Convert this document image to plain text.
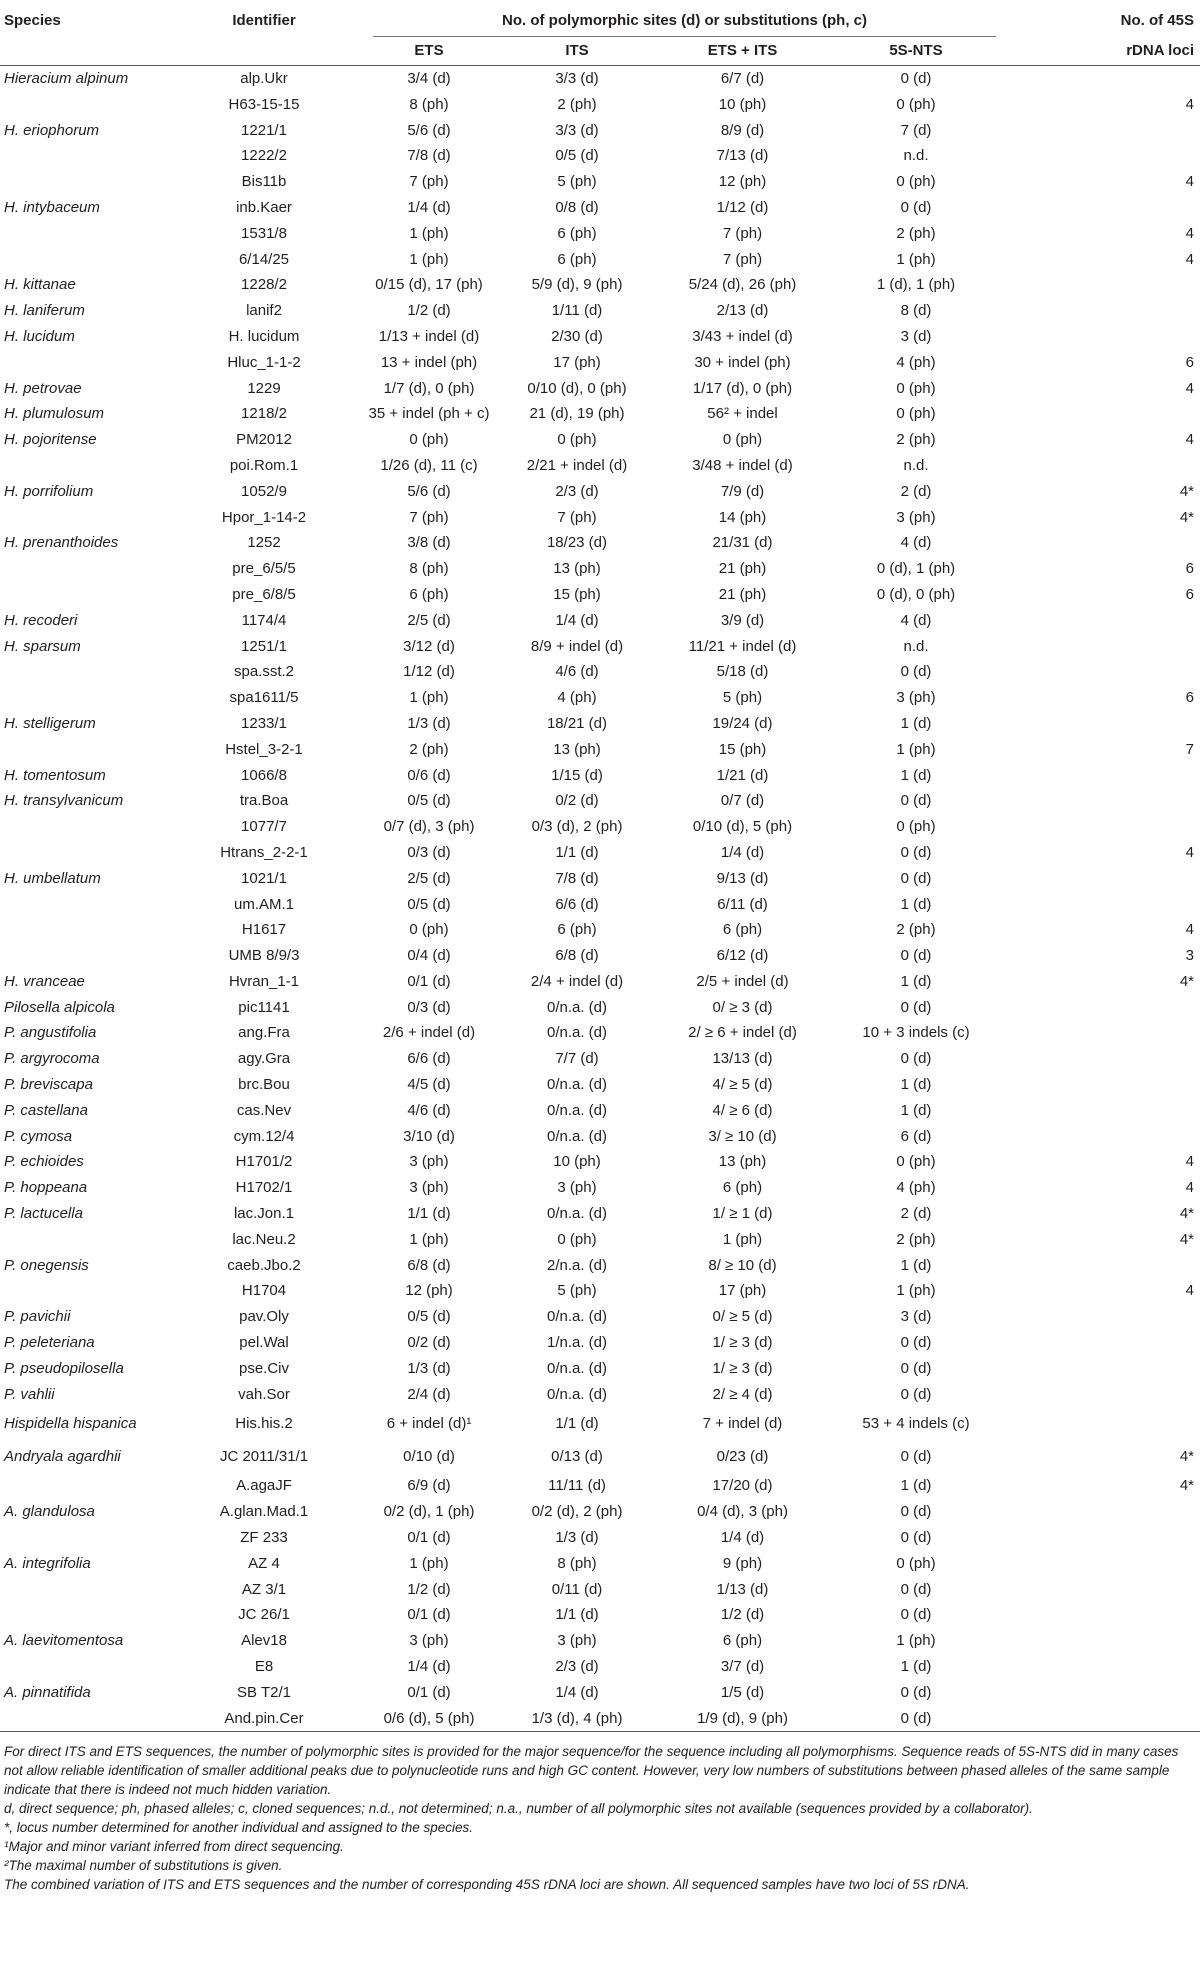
Species	Identifier	No. of polymorphic sites (d) or substitutions (ph, c)				No. of 45S
		ETS	ITS	ETS + ITS	5S-NTS	rDNA loci
Hieracium alpinum	alp.Ukr	3/4 (d)	3/3 (d)	6/7 (d)	0 (d)	
	H63-15-15	8 (ph)	2 (ph)	10 (ph)	0 (ph)	4
H. eriophorum	1221/1	5/6 (d)	3/3 (d)	8/9 (d)	7 (d)	
	1222/2	7/8 (d)	0/5 (d)	7/13 (d)	n.d.	
	Bis11b	7 (ph)	5 (ph)	12 (ph)	0 (ph)	4
H. intybaceum	inb.Kaer	1/4 (d)	0/8 (d)	1/12 (d)	0 (d)	
	1531/8	1 (ph)	6 (ph)	7 (ph)	2 (ph)	4
	6/14/25	1 (ph)	6 (ph)	7 (ph)	1 (ph)	4
H. kittanae	1228/2	0/15 (d), 17 (ph)	5/9 (d), 9 (ph)	5/24 (d), 26 (ph)	1 (d), 1 (ph)	
H. laniferum	lanif2	1/2 (d)	1/11 (d)	2/13 (d)	8 (d)	
H. lucidum	H. lucidum	1/13 + indel (d)	2/30 (d)	3/43 + indel (d)	3 (d)	
	Hluc_1-1-2	13 + indel (ph)	17 (ph)	30 + indel (ph)	4 (ph)	6
H. petrovae	1229	1/7 (d), 0 (ph)	0/10 (d), 0 (ph)	1/17 (d), 0 (ph)	0 (ph)	4
H. plumulosum	1218/2	35 + indel (ph + c)	21 (d), 19 (ph)	56² + indel	0 (ph)	
H. pojoritense	PM2012	0 (ph)	0 (ph)	0 (ph)	2 (ph)	4
	poi.Rom.1	1/26 (d), 11 (c)	2/21 + indel (d)	3/48 + indel (d)	n.d.	
H. porrifolium	1052/9	5/6 (d)	2/3 (d)	7/9 (d)	2 (d)	4*
	Hpor_1-14-2	7 (ph)	7 (ph)	14 (ph)	3 (ph)	4*
H. prenanthoides	1252	3/8 (d)	18/23 (d)	21/31 (d)	4 (d)	
	pre_6/5/5	8 (ph)	13 (ph)	21 (ph)	0 (d), 1 (ph)	6
	pre_6/8/5	6 (ph)	15 (ph)	21 (ph)	0 (d), 0 (ph)	6
H. recoderi	1174/4	2/5 (d)	1/4 (d)	3/9 (d)	4 (d)	
H. sparsum	1251/1	3/12 (d)	8/9 + indel (d)	11/21 + indel (d)	n.d.	
	spa.sst.2	1/12 (d)	4/6 (d)	5/18 (d)	0 (d)	
	spa1611/5	1 (ph)	4 (ph)	5 (ph)	3 (ph)	6
H. stelligerum	1233/1	1/3 (d)	18/21 (d)	19/24 (d)	1 (d)	
	Hstel_3-2-1	2 (ph)	13 (ph)	15 (ph)	1 (ph)	7
H. tomentosum	1066/8	0/6 (d)	1/15 (d)	1/21 (d)	1 (d)	
H. transylvanicum	tra.Boa	0/5 (d)	0/2 (d)	0/7 (d)	0 (d)	
	1077/7	0/7 (d), 3 (ph)	0/3 (d), 2 (ph)	0/10 (d), 5 (ph)	0 (ph)	
	Htrans_2-2-1	0/3 (d)	1/1 (d)	1/4 (d)	0 (d)	4
H. umbellatum	1021/1	2/5 (d)	7/8 (d)	9/13 (d)	0 (d)	
	um.AM.1	0/5 (d)	6/6 (d)	6/11 (d)	1 (d)	
	H1617	0 (ph)	6 (ph)	6 (ph)	2 (ph)	4
	UMB 8/9/3	0/4 (d)	6/8 (d)	6/12 (d)	0 (d)	3
H. vranceae	Hvran_1-1	0/1 (d)	2/4 + indel (d)	2/5 + indel (d)	1 (d)	4*
Pilosella alpicola	pic1141	0/3 (d)	0/n.a. (d)	0/ ≥ 3 (d)	0 (d)	
P. angustifolia	ang.Fra	2/6 + indel (d)	0/n.a. (d)	2/ ≥ 6 + indel (d)	10 + 3 indels (c)	
P. argyrocoma	agy.Gra	6/6 (d)	7/7 (d)	13/13 (d)	0 (d)	
P. breviscapa	brc.Bou	4/5 (d)	0/n.a. (d)	4/ ≥ 5 (d)	1 (d)	
P. castellana	cas.Nev	4/6 (d)	0/n.a. (d)	4/ ≥ 6 (d)	1 (d)	
P. cymosa	cym.12/4	3/10 (d)	0/n.a. (d)	3/ ≥ 10 (d)	6 (d)	
P. echioides	H1701/2	3 (ph)	10 (ph)	13 (ph)	0 (ph)	4
P. hoppeana	H1702/1	3 (ph)	3 (ph)	6 (ph)	4 (ph)	4
P. lactucella	lac.Jon.1	1/1 (d)	0/n.a. (d)	1/ ≥ 1 (d)	2 (d)	4*
	lac.Neu.2	1 (ph)	0 (ph)	1 (ph)	2 (ph)	4*
P. onegensis	caeb.Jbo.2	6/8 (d)	2/n.a. (d)	8/ ≥ 10 (d)	1 (d)	
	H1704	12 (ph)	5 (ph)	17 (ph)	1 (ph)	4
P. pavichii	pav.Oly	0/5 (d)	0/n.a. (d)	0/ ≥ 5 (d)	3 (d)	
P. peleteriana	pel.Wal	0/2 (d)	1/n.a. (d)	1/ ≥ 3 (d)	0 (d)	
P. pseudopilosella	pse.Civ	1/3 (d)	0/n.a. (d)	1/ ≥ 3 (d)	0 (d)	
P. vahlii	vah.Sor	2/4 (d)	0/n.a. (d)	2/ ≥ 4 (d)	0 (d)	
Hispidella hispanica	His.his.2	6 + indel (d)¹	1/1 (d)	7 + indel (d)	53 + 4 indels (c)	
Andryala agardhii	JC 2011/31/1	0/10 (d)	0/13 (d)	0/23 (d)	0 (d)	4*
	A.agaJF	6/9 (d)	11/11 (d)	17/20 (d)	1 (d)	4*
A. glandulosa	A.glan.Mad.1	0/2 (d), 1 (ph)	0/2 (d), 2 (ph)	0/4 (d), 3 (ph)	0 (d)	
	ZF 233	0/1 (d)	1/3 (d)	1/4 (d)	0 (d)	
A. integrifolia	AZ 4	1 (ph)	8 (ph)	9 (ph)	0 (ph)	
	AZ 3/1	1/2 (d)	0/11 (d)	1/13 (d)	0 (d)	
	JC 26/1	0/1 (d)	1/1 (d)	1/2 (d)	0 (d)	
A. laevitomentosa	Alev18	3 (ph)	3 (ph)	6 (ph)	1 (ph)	
	E8	1/4 (d)	2/3 (d)	3/7 (d)	1 (d)	
A. pinnatifida	SB T2/1	0/1 (d)	1/4 (d)	1/5 (d)	0 (d)	
	And.pin.Cer	0/6 (d), 5 (ph)	1/3 (d), 4 (ph)	1/9 (d), 9 (ph)	0 (d)	

For direct ITS and ETS sequences, the number of polymorphic sites is provided for the major sequence/for the sequence including all polymorphisms. Sequence reads of 5S-NTS did in many cases not allow reliable identification of smaller additional peaks due to polynucleotide runs and high GC content. However, very low numbers of substitutions between phased alleles of the same sample indicate that there is indeed not much hidden variation.

d, direct sequence; ph, phased alleles; c, cloned sequences; n.d., not determined; n.a., number of all polymorphic sites not available (sequences provided by a collaborator).

*, locus number determined for another individual and assigned to the species.

¹Major and minor variant inferred from direct sequencing.

²The maximal number of substitutions is given.

The combined variation of ITS and ETS sequences and the number of corresponding 45S rDNA loci are shown. All sequenced samples have two loci of 5S rDNA.
